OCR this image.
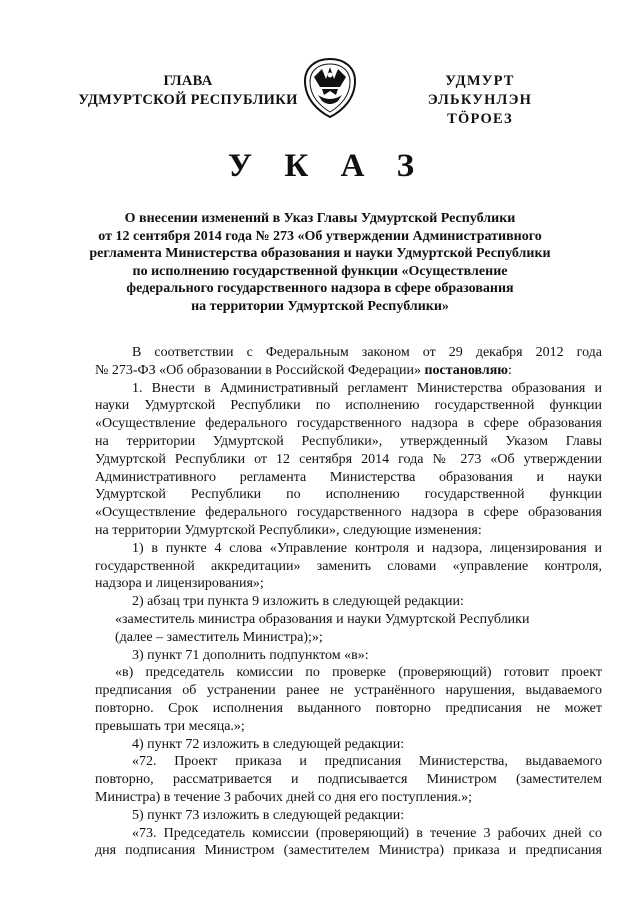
ГЛАВА
УДМУРТСКОЙ РЕСПУБЛИКИ
УДМУРТ ЭЛЬКУНЛЭН
ТӦРОЕЗ
У К А З
О внесении изменений в Указ Главы Удмуртской Республики
от 12 сентября 2014 года № 273 «Об утверждении Административного
регламента Министерства образования и науки Удмуртской Республики
по исполнению государственной функции «Осуществление
федерального государственного надзора в сфере образования
на территории Удмуртской Республики»
В соответствии с Федеральным законом от 29 декабря 2012 года
№ 273-ФЗ «Об образовании в Российской Федерации» постановляю:
1. Внести в Административный регламент Министерства образования и
науки Удмуртской Республики по исполнению государственной функции
«Осуществление федерального государственного надзора в сфере образования
на территории Удмуртской Республики», утвержденный Указом Главы
Удмуртской Республики от 12 сентября 2014 года № 273 «Об утверждении
Административного регламента Министерства образования и науки
Удмуртской Республики по исполнению государственной функции
«Осуществление федерального государственного надзора в сфере образования
на территории Удмуртской Республики», следующие изменения:
1) в пункте 4 слова «Управление контроля и надзора, лицензирования и
государственной аккредитации» заменить словами «управление контроля,
надзора и лицензирования»;
2) абзац три пункта 9 изложить в следующей редакции:
«заместитель министра образования и науки Удмуртской Республики
(далее – заместитель Министра);»;
3) пункт 71 дополнить подпунктом «в»:
«в) председатель комиссии по проверке (проверяющий) готовит проект
предписания об устранении ранее не устранённого нарушения, выдаваемого
повторно. Срок исполнения выданного повторно предписания не может
превышать три месяца.»;
4) пункт 72 изложить в следующей редакции:
«72. Проект приказа и предписания Министерства, выдаваемого
повторно, рассматривается и подписывается Министром (заместителем
Министра) в течение 3 рабочих дней со дня его поступления.»;
5) пункт 73 изложить в следующей редакции:
«73. Председатель комиссии (проверяющий) в течение 3 рабочих дней со
дня подписания Министром (заместителем Министра) приказа и предписания
